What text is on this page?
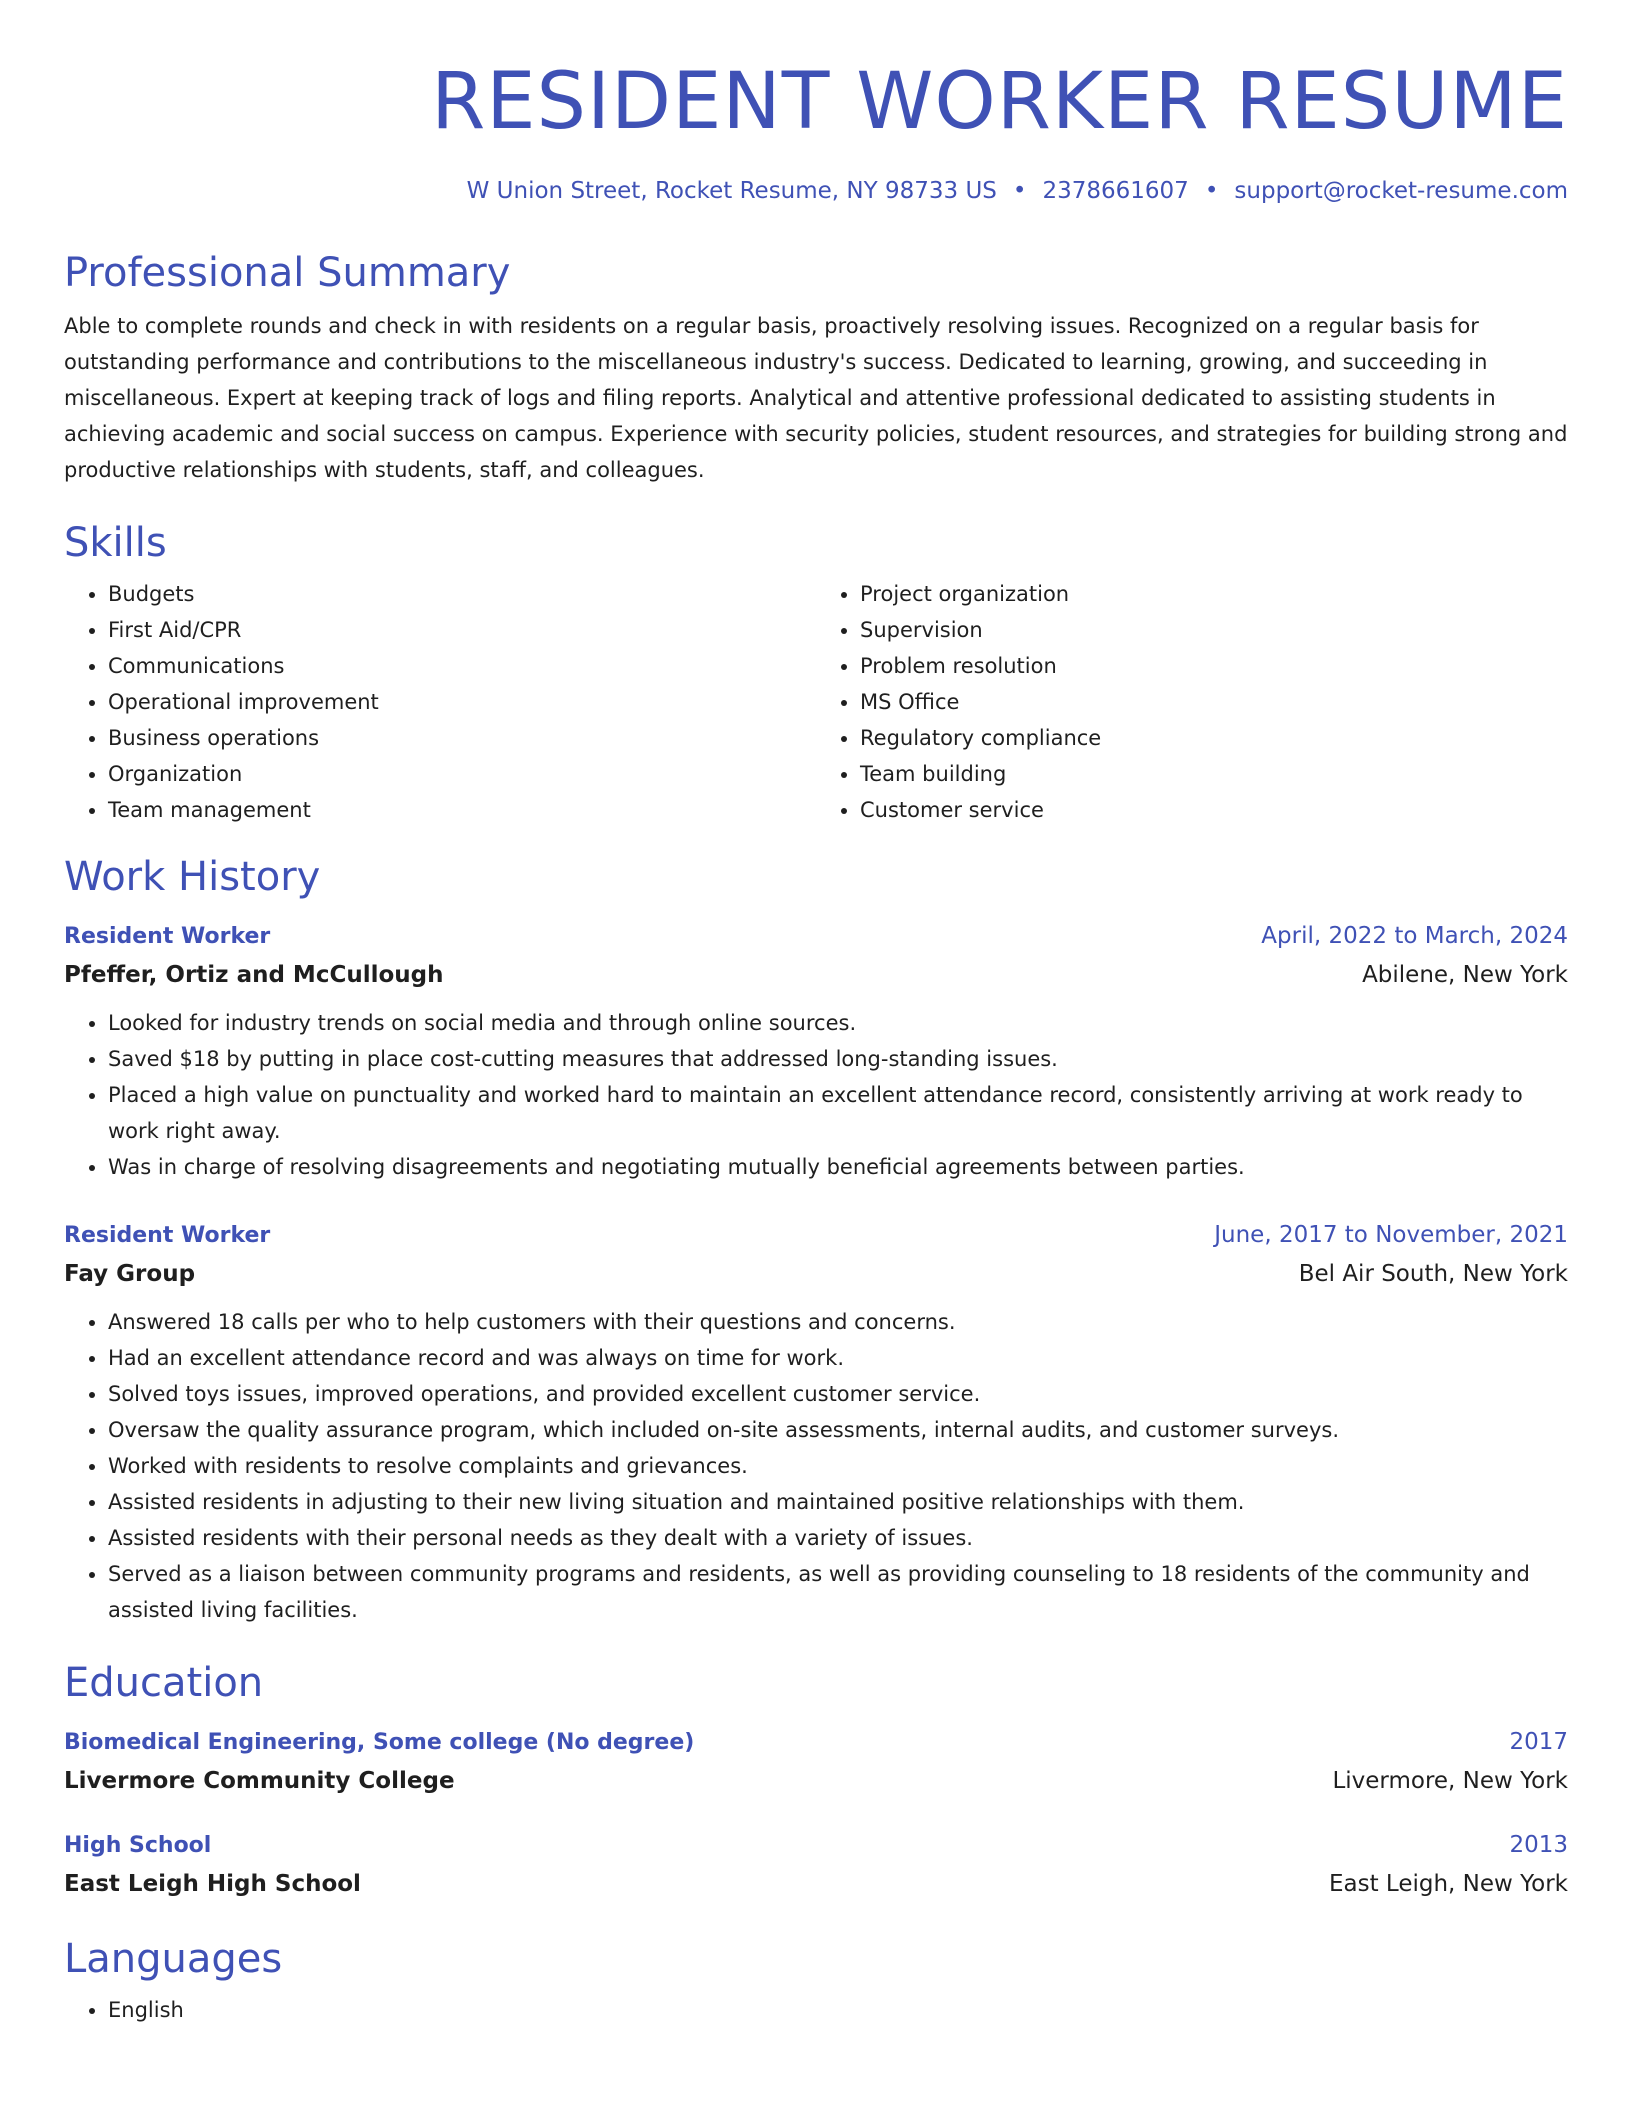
RESIDENT WORKER RESUME
W Union Street, Rocket Resume, NY 98733 US • 2378661607 • support@rocket-resume.com
Professional Summary
Able to complete rounds and check in with residents on a regular basis, proactively resolving issues. Recognized on a regular basis for outstanding performance and contributions to the miscellaneous industry's success. Dedicated to learning, growing, and succeeding in miscellaneous. Expert at keeping track of logs and filing reports. Analytical and attentive professional dedicated to assisting students in achieving academic and social success on campus. Experience with security policies, student resources, and strategies for building strong and productive relationships with students, staff, and colleagues.
Skills
• Budgets
• First Aid/CPR
• Communications
• Operational improvement
• Business operations
• Organization
• Team management
• Project organization
• Supervision
• Problem resolution
• MS Office
• Regulatory compliance
• Team building
• Customer service
Work History
Resident Worker	April, 2022 to March, 2024
Pfeffer, Ortiz and McCullough	Abilene, New York
• Looked for industry trends on social media and through online sources.
• Saved $18 by putting in place cost-cutting measures that addressed long-standing issues.
• Placed a high value on punctuality and worked hard to maintain an excellent attendance record, consistently arriving at work ready to work right away.
• Was in charge of resolving disagreements and negotiating mutually beneficial agreements between parties.
Resident Worker	June, 2017 to November, 2021
Fay Group	Bel Air South, New York
• Answered 18 calls per who to help customers with their questions and concerns.
• Had an excellent attendance record and was always on time for work.
• Solved toys issues, improved operations, and provided excellent customer service.
• Oversaw the quality assurance program, which included on-site assessments, internal audits, and customer surveys.
• Worked with residents to resolve complaints and grievances.
• Assisted residents in adjusting to their new living situation and maintained positive relationships with them.
• Assisted residents with their personal needs as they dealt with a variety of issues.
• Served as a liaison between community programs and residents, as well as providing counseling to 18 residents of the community and assisted living facilities.
Education
Biomedical Engineering, Some college (No degree)	2017
Livermore Community College	Livermore, New York
High School	2013
East Leigh High School	East Leigh, New York
Languages
• English
